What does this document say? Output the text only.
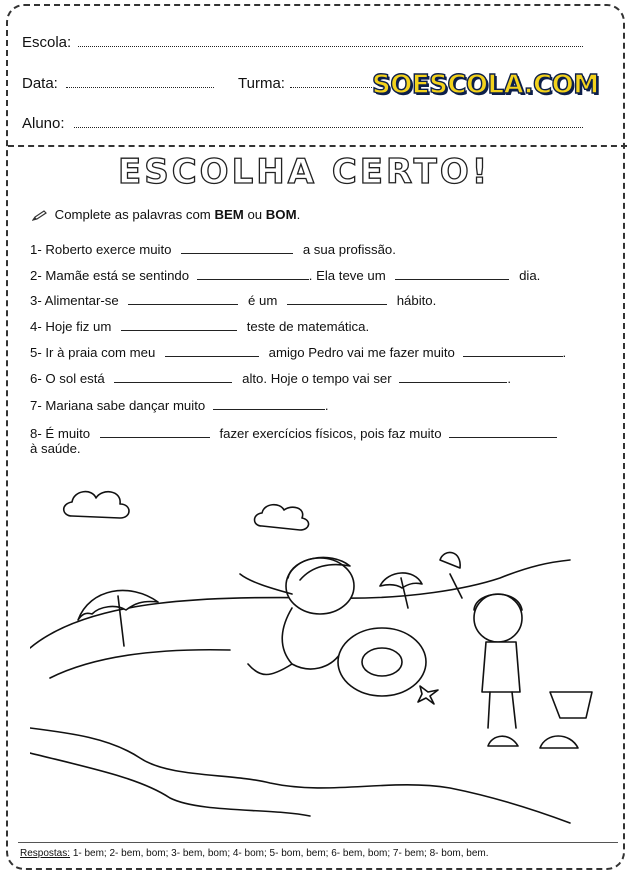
Escola:
Data:	Turma:	SOESCOLA.COM
Aluno:
ESCOLHA CERTO!
Complete as palavras com BEM ou BOM.
1- Roberto exerce muito	a sua profissão.
2- Mamãe está se sentindo	. Ela teve um	dia.
3- Alimentar-se	é um	hábito.
4- Hoje fiz um	teste de matemática.
5- Ir à praia com meu	amigo Pedro vai me fazer muito	.
6- O sol está	alto. Hoje o tempo vai ser	.
7- Mariana sabe dançar muito	.
8- É muito	fazer exercícios físicos, pois faz muito
à saúde.
Respostas: 1- bem; 2- bem, bom; 3- bem, bom; 4- bom; 5- bom, bem; 6- bem, bom; 7- bem; 8- bom, bem.
